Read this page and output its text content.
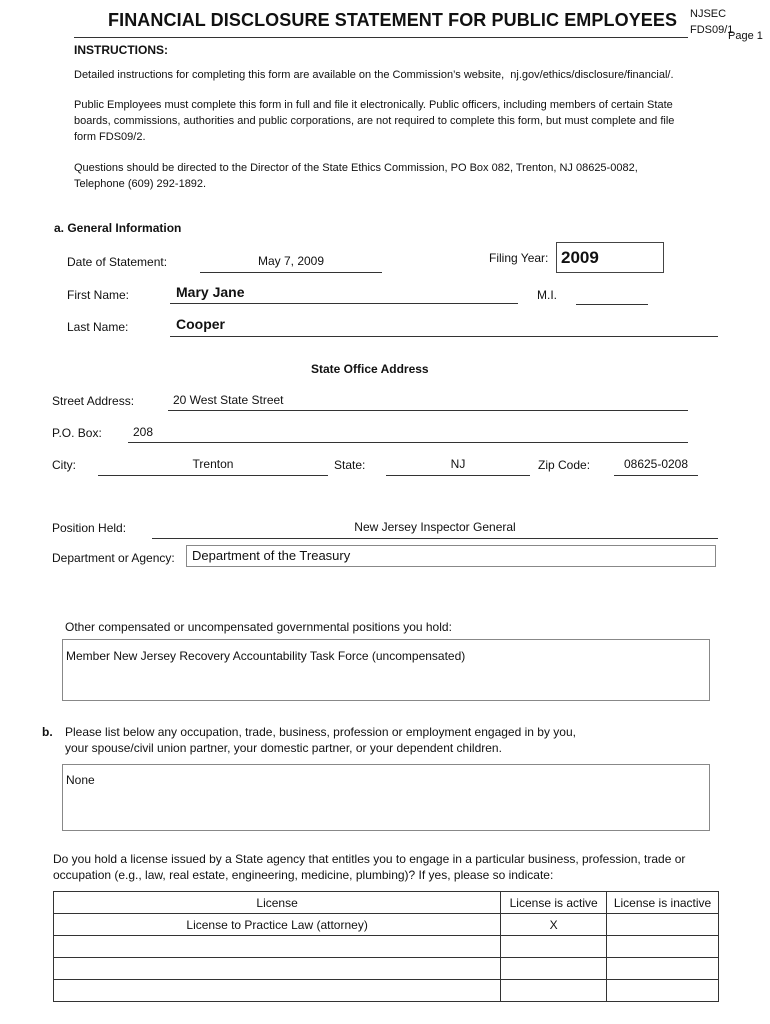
FINANCIAL DISCLOSURE STATEMENT FOR PUBLIC EMPLOYEES NJSEC FDS09/1
Page 1
INSTRUCTIONS:
Detailed instructions for completing this form are available on the Commission’s website, nj.gov/ethics/disclosure/financial/.
Public Employees must complete this form in full and file it electronically. Public officers, including members of certain State
boards, commissions, authorities and public corporations, are not required to complete this form, but must complete and file
form FDS09/2.
Questions should be directed to the Director of the State Ethics Commission, PO Box 082, Trenton, NJ 08625-0082,
Telephone (609) 292-1892.
a. General Information
Date of Statement:	May 7, 2009	Filing Year: 2009
First Name:	Mary Jane	M.I.
Last Name:	Cooper
State Office Address
Street Address:	20 West State Street
P.O. Box:	208
City:	Trenton	State:	NJ	Zip Code:	08625-0208
Position Held:	New Jersey Inspector General
Department or Agency: Department of the Treasury
Other compensated or uncompensated governmental positions you hold:
Member New Jersey Recovery Accountability Task Force (uncompensated)
b. Please list below any occupation, trade, business, profession or employment engaged in by you,
your spouse/civil union partner, your domestic partner, or your dependent children.
None
Do you hold a license issued by a State agency that entitles you to engage in a particular business, profession, trade or
occupation (e.g., law, real estate, engineering, medicine, plumbing)? If yes, please so indicate:
License	License is active	License is inactive
License to Practice Law (attorney)	X	
